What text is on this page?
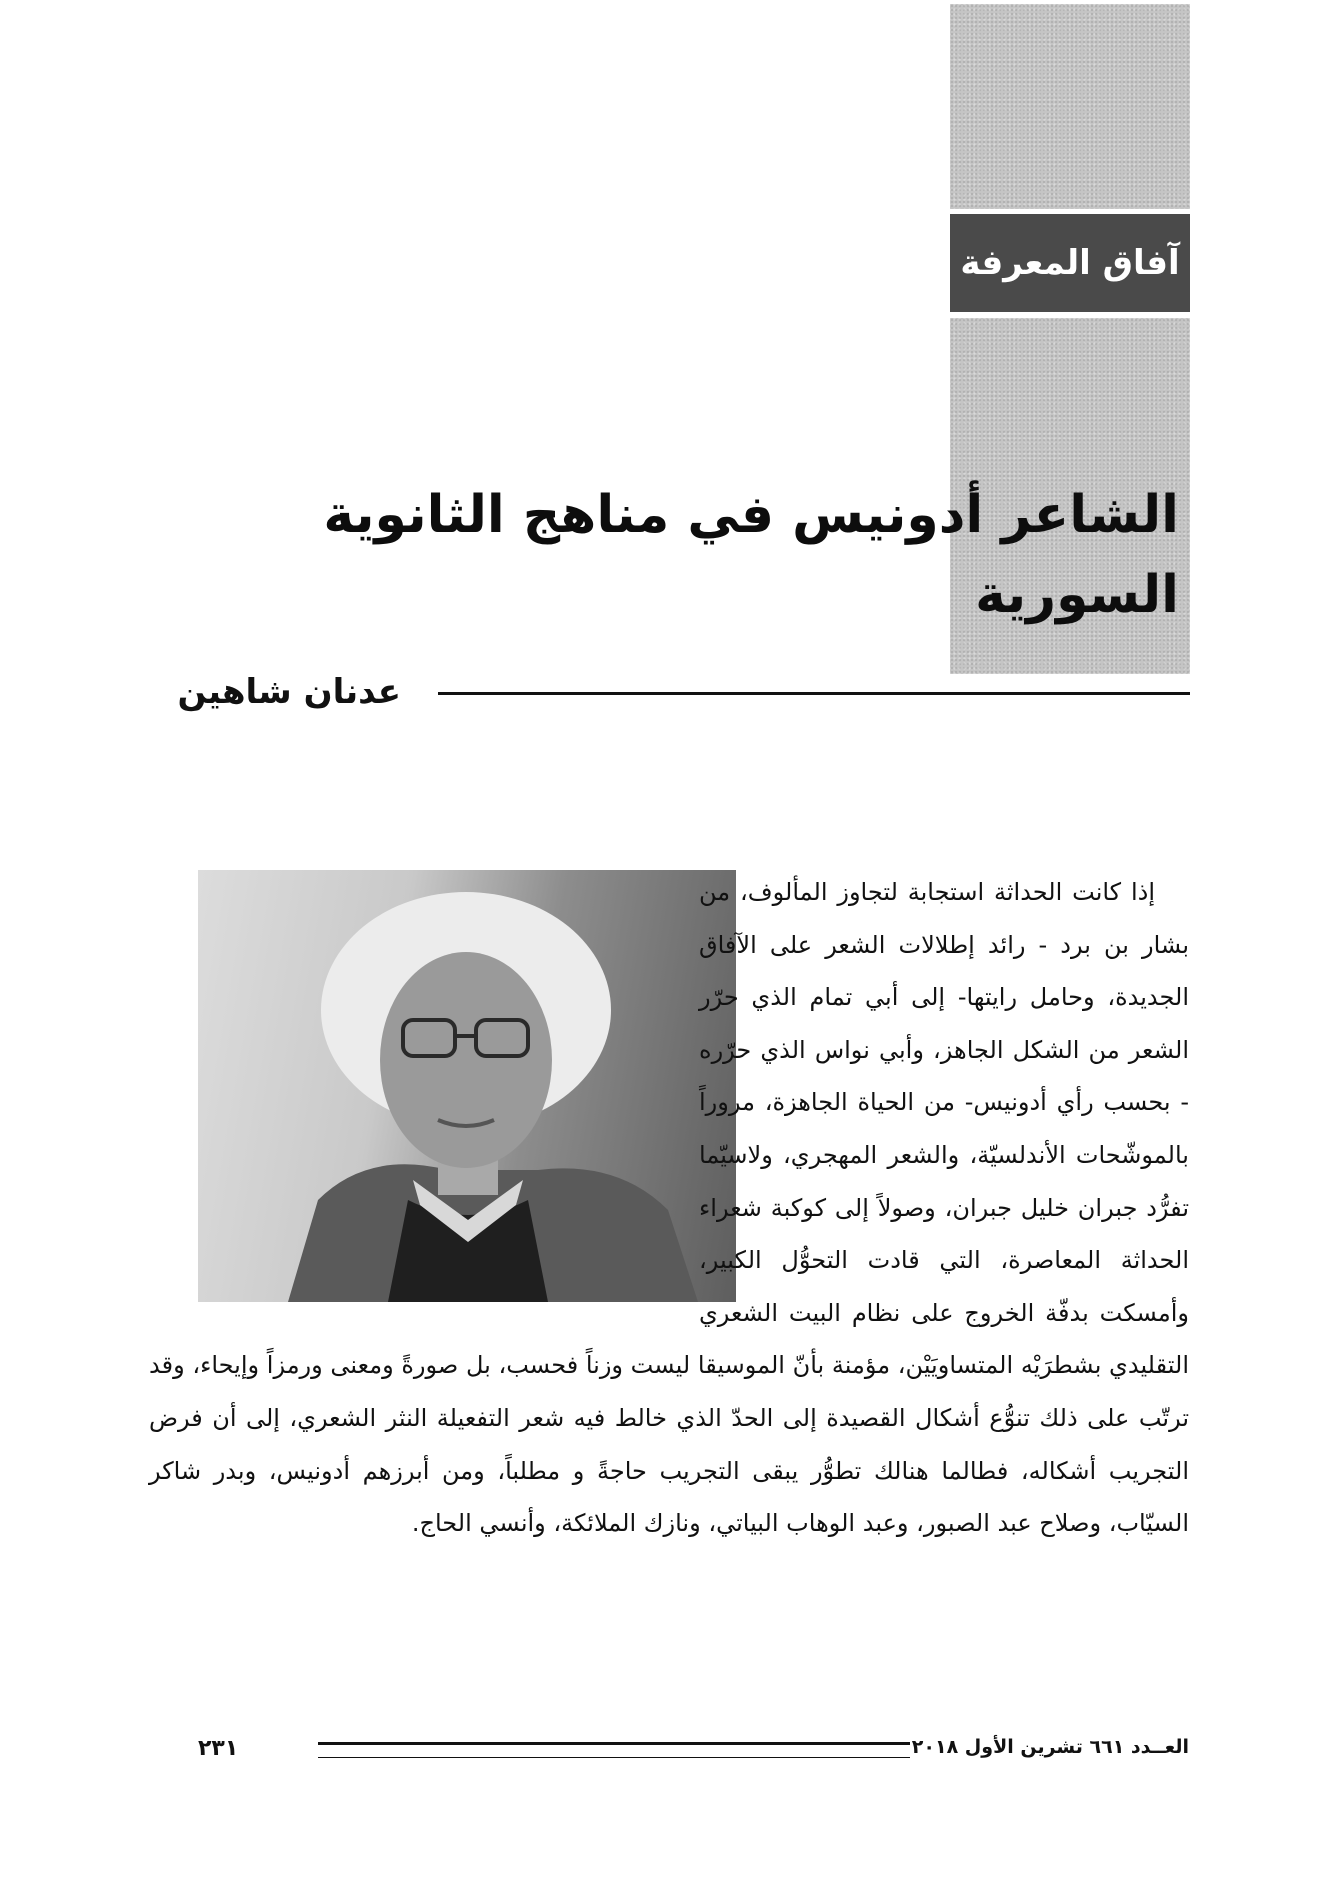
آفاق المعرفة
الشاعر أدونيس في مناهج الثانوية السورية
عدنان شاهين

إذا كانت الحداثة استجابة لتجاوز المألوف، من بشار بن برد - رائد إطلالات الشعر على الآفاق الجديدة، وحامل رايتها- إلى أبي تمام الذي حرّر الشعر من الشكل الجاهز، وأبي نواس الذي حرّره - بحسب رأي أدونيس- من الحياة الجاهزة، مروراً بالموشّحات الأندلسيّة، والشعر المهجري، ولاسيّما تفرُّد جبران خليل جبران، وصولاً إلى كوكبة شعراء الحداثة المعاصرة، التي قادت التحوُّل الكبير، وأمسكت بدفّة الخروج على نظام البيت الشعري التقليدي بشطرَيْه المتساويَيْن، مؤمنة بأنّ الموسيقا ليست وزناً فحسب، بل صورةً ومعنى ورمزاً وإيحاء، وقد ترتّب على ذلك تنوُّع أشكال القصيدة إلى الحدّ الذي خالط فيه شعر التفعيلة النثر الشعري، إلى أن فرض التجريب أشكاله، فطالما هنالك تطوُّر يبقى التجريب حاجةً و مطلباً، ومن أبرزهم أدونيس، وبدر شاكر السيّاب، وصلاح عبد الصبور، وعبد الوهاب البياتي، ونازك الملائكة، وأنسي الحاج.

٢٣١	العــدد ٦٦١ تشرين الأول ٢٠١٨
